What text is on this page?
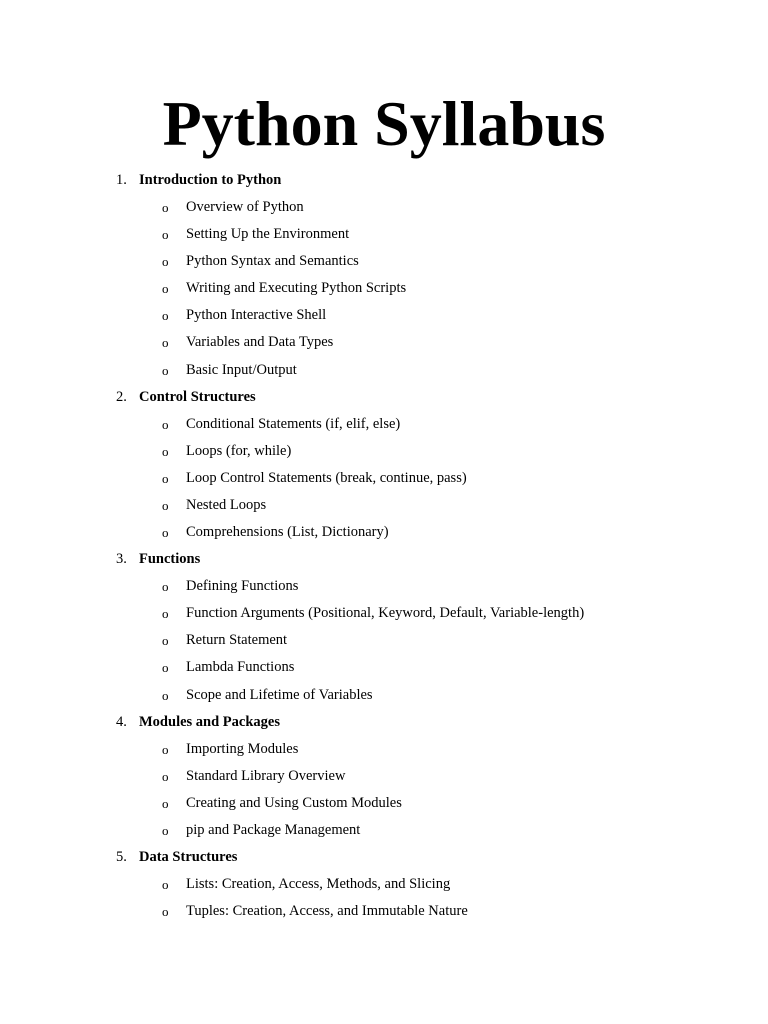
Python Syllabus
1. Introduction to Python
o Overview of Python
o Setting Up the Environment
o Python Syntax and Semantics
o Writing and Executing Python Scripts
o Python Interactive Shell
o Variables and Data Types
o Basic Input/Output
2. Control Structures
o Conditional Statements (if, elif, else)
o Loops (for, while)
o Loop Control Statements (break, continue, pass)
o Nested Loops
o Comprehensions (List, Dictionary)
3. Functions
o Defining Functions
o Function Arguments (Positional, Keyword, Default, Variable-length)
o Return Statement
o Lambda Functions
o Scope and Lifetime of Variables
4. Modules and Packages
o Importing Modules
o Standard Library Overview
o Creating and Using Custom Modules
o pip and Package Management
5. Data Structures
o Lists: Creation, Access, Methods, and Slicing
o Tuples: Creation, Access, and Immutable Nature
